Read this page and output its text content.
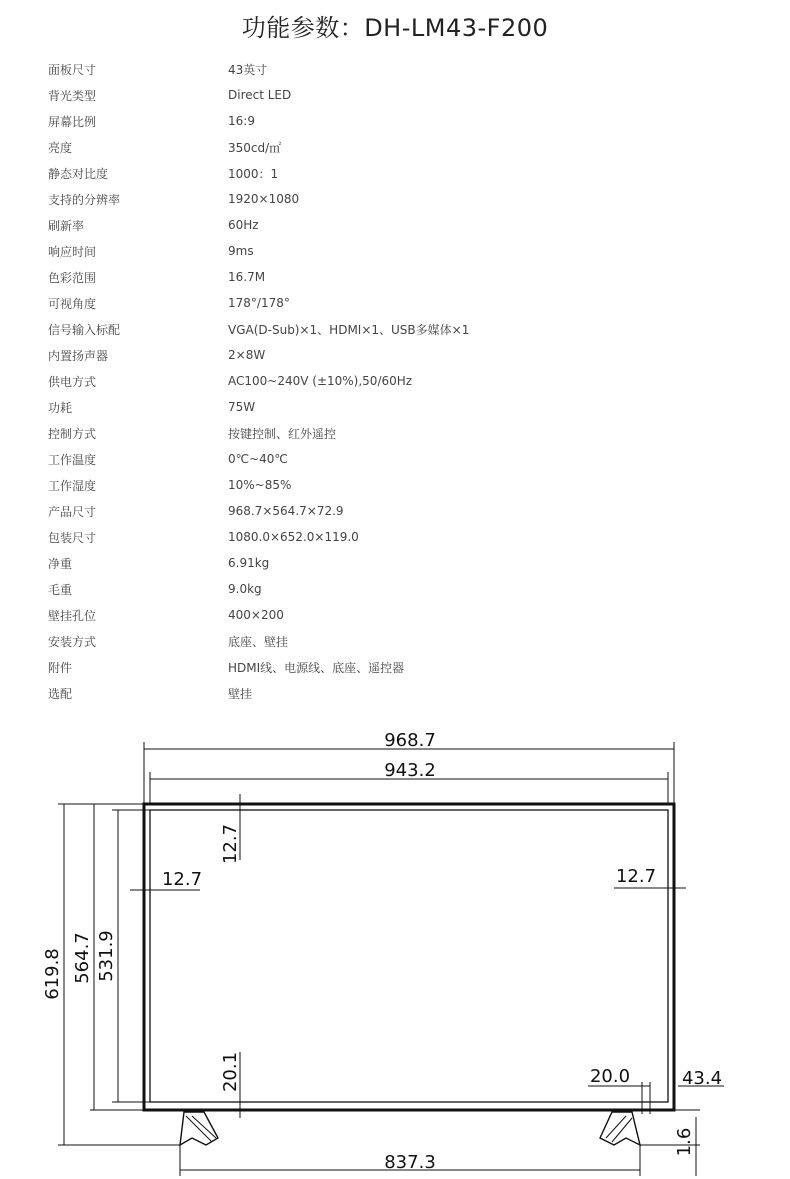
功能参数：DH-LM43-F200
面板尺寸	43英寸
背光类型	Direct LED
屏幕比例	16:9
亮度	350cd/㎡
静态对比度	1000：1
支持的分辨率	1920×1080
刷新率	60Hz
响应时间	9ms
色彩范围	16.7M
可视角度	178°/178°
信号输入标配	VGA(D-Sub)×1、HDMI×1、USB多媒体×1
内置扬声器	2×8W
供电方式	AC100~240V (±10%),50/60Hz
功耗	75W
控制方式	按键控制、红外遥控
工作温度	0℃~40℃
工作湿度	10%~85%
产品尺寸	968.7×564.7×72.9
包装尺寸	1080.0×652.0×119.0
净重	6.91kg
毛重	9.0kg
壁挂孔位	400×200
安装方式	底座、壁挂
附件	HDMI线、电源线、底座、遥控器
选配	壁挂
968.7
943.2
12.7	12.7
20.0	43.4
837.3
12.7
20.1
619.8 564.7 531.9
1.6
